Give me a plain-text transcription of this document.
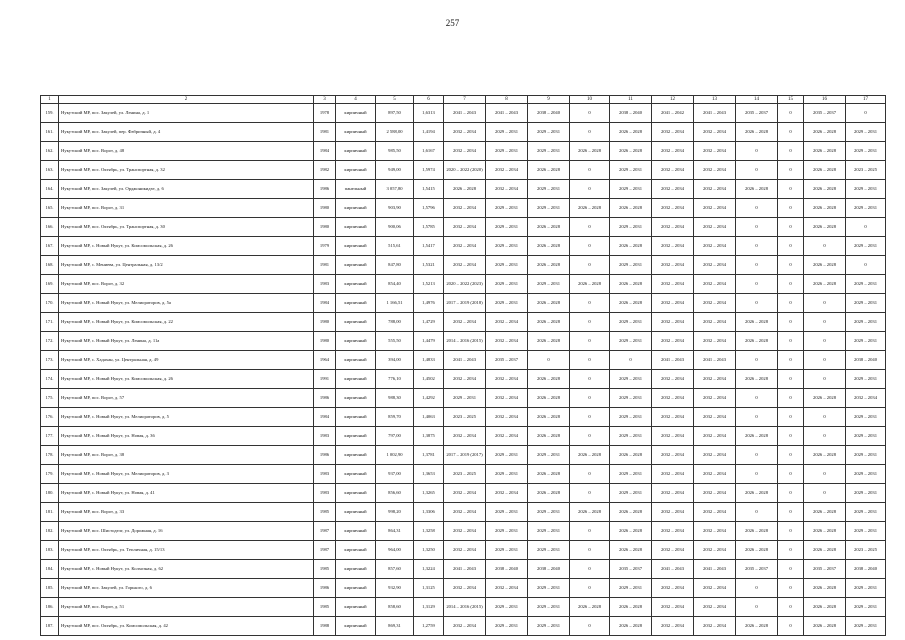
257
1	2	3	4	5	6	7	8	9	10	11	12	13	14	15	16	17
159.	Нукутский МР, пос. Закулей, ул. Ленина, д. 1	1978	кирпичный	897,50	1,6313	2041 – 2043	2041 – 2043	2038 – 2040	0	2038 – 2040	2041 – 2042	2041 – 2043	2035 – 2037	0	2035 – 2037	0
161.	Нукутский МР, пос. Закулей, пер. Фабричный, д. 4	1981	кирпичный	2 588,00	1,4194	2032 – 2034	2029 – 2031	2029 – 2031	0	2026 – 2028	2032 – 2034	2032 – 2034	2026 – 2028	0	2026 – 2028	2029 – 2031
162.	Нукутский МР, пос. Ворот, д. 48	1984	кирпичный	985,50	1,6167	2032 – 2034	2029 – 2031	2029 – 2031	2026 – 2028	2026 – 2028	2032 – 2034	2032 – 2034	0	0	2026 – 2028	2029 – 2031
163.	Нукутский МР, пос. Октябрь, ул. Транспортная, д. 32	1982	кирпичный	949,00	1,5974	2020 – 2022 (2020)	2032 – 2034	2026 – 2028	0	2029 – 2031	2032 – 2034	2032 – 2034	0	0	2026 – 2028	2023 – 2025
164.	Нукутский МР, пос. Закулей, ул. Орджоникидзе, д. 6	1986	панельный	3 057,80	1,5415	2026 – 2028	2032 – 2034	2029 – 2031	0	2029 – 2031	2032 – 2034	2032 – 2034	2026 – 2028	0	2026 – 2028	2029 – 2031
165.	Нукутский МР, пос. Ворот, д. 31	1980	кирпичный	903,90	1,5796	2032 – 2034	2029 – 2031	2029 – 2031	2026 – 2028	2026 – 2028	2032 – 2034	2032 – 2034	0	0	2026 – 2028	2029 – 2031
166.	Нукутский МР, пос. Октябрь, ул. Транспортная, д. 30	1980	кирпичный	900,06	1,5785	2032 – 2034	2029 – 2031	2026 – 2028	0	2029 – 2031	2032 – 2034	2032 – 2034	0	0	2026 – 2028	0
167.	Нукутский МР, с. Новый Нукут, ул. Комсомольская, д. 26	1979	кирпичный	515,61	1,5417	2032 – 2034	2029 – 2031	2026 – 2028	0	2026 – 2028	2032 – 2034	2032 – 2034	0	0	0	2029 – 2031
168.	Нукутский МР, с. Мениева, ул. Центральная, д. 13/2	1981	кирпичный	847,80	1,5321	2032 – 2034	2029 – 2031	2026 – 2028	0	2029 – 2031	2032 – 2034	2032 – 2034	0	0	2026 – 2028	0
169.	Нукутский МР, пос. Ворот, д. 32	1983	кирпичный	854,40	1,5213	2020 – 2022 (2023)	2029 – 2031	2029 – 2031	2026 – 2028	2026 – 2028	2032 – 2034	2032 – 2034	0	0	2026 – 2028	2029 – 2031
170.	Нукутский МР, с. Новый Нукут, ул. Мелиораторов, д. 5а	1984	кирпичный	1 166,51	1,4976	2017 – 2019 (2018)	2029 – 2031	2026 – 2028	0	2026 – 2028	2032 – 2034	2032 – 2034	0	0	0	2029 – 2031
171.	Нукутский МР, с. Новый Нукут, ул. Комсомольская, д. 22	1980	кирпичный	788,00	1,4729	2032 – 2034	2032 – 2034	2026 – 2028	0	2029 – 2031	2032 – 2034	2032 – 2034	2026 – 2028	0	0	2029 – 2031
172.	Нукутский МР, с. Новый Нукут, ул. Ленина, д. 11а	1980	кирпичный	555,50	1,4479	2014 – 2016 (2015)	2032 – 2034	2026 – 2028	0	2029 – 2031	2032 – 2034	2032 – 2034	2026 – 2028	0	0	2029 – 2031
173.	Нукутский МР, с. Хадахан, ул. Центральная, д. 49	1964	кирпичный	394,00	1,4833	2041 – 2043	2035 – 2037	0	0	0	2041 – 2043	2041 – 2043	0	0	0	2038 – 2040
174.	Нукутский МР, с. Новый Нукут, ул. Комсомольская, д. 26	1991	кирпичный	776,10	1,4502	2032 – 2034	2032 – 2034	2026 – 2028	0	2029 – 2031	2032 – 2034	2032 – 2034	2026 – 2028	0	0	2029 – 2031
175.	Нукутский МР, пос. Ворот, д. 57	1986	кирпичный	988,30	1,4292	2029 – 2031	2032 – 2034	2026 – 2028	0	2029 – 2031	2032 – 2034	2032 – 2034	0	0	2026 – 2028	2032 – 2034
176.	Нукутский МР, с. Новый Нукут, ул. Мелиораторов, д. 5	1984	кирпичный	859,70	1,4063	2023 – 2025	2032 – 2034	2026 – 2028	0	2029 – 2031	2032 – 2034	2032 – 2034	0	0	0	2029 – 2031
177.	Нукутский МР, с. Новый Нукут, ул. Новая, д. 36	1983	кирпичный	797,00	1,3875	2032 – 2034	2032 – 2034	2026 – 2028	0	2029 – 2031	2032 – 2034	2032 – 2034	2026 – 2028	0	0	2029 – 2031
178.	Нукутский МР, пос. Ворот, д. 38	1986	кирпичный	1 002,90	1,3781	2017 – 2019 (2017)	2029 – 2031	2029 – 2031	2026 – 2028	2026 – 2028	2032 – 2034	2032 – 2034	0	0	2026 – 2028	2029 – 2031
179.	Нукутский МР, с. Новый Нукут, ул. Мелиораторов, д. 3	1983	кирпичный	937,00	1,3653	2023 – 2025	2029 – 2031	2026 – 2028	0	2029 – 2031	2032 – 2034	2032 – 2034	0	0	0	2029 – 2031
180.	Нукутский МР, с. Новый Нукут, ул. Новая, д. 41	1983	кирпичный	856,60	1,3265	2032 – 2034	2032 – 2034	2026 – 2028	0	2029 – 2031	2032 – 2034	2032 – 2034	2026 – 2028	0	0	2029 – 2031
181.	Нукутский МР, пос. Ворот, д. 33	1985	кирпичный	998,20	1,3306	2032 – 2034	2029 – 2031	2029 – 2031	2026 – 2028	2026 – 2028	2032 – 2034	2032 – 2034	0	0	2026 – 2028	2029 – 2031
182.	Нукутский МР, пос. Шистоделг, ул. Дорожная, д. 16	1987	кирпичный	864,31	1,3258	2032 – 2034	2029 – 2031	2029 – 2031	0	2026 – 2028	2032 – 2034	2032 – 2034	2026 – 2028	0	2026 – 2028	2029 – 2031
183.	Нукутский МР, пос. Октябрь, ул. Тепличная, д. 15/13	1987	кирпичный	964,00	1,3250	2032 – 2034	2029 – 2031	2029 – 2031	0	2026 – 2028	2032 – 2034	2032 – 2034	2026 – 2028	0	2026 – 2028	2023 – 2025
184.	Нукутский МР, с. Новый Нукут, ул. Колхозная, д. 62	1985	кирпичный	857,60	1,3224	2041 – 2043	2038 – 2040	2038 – 2040	0	2035 – 2037	2041 – 2043	2041 – 2043	2035 – 2037	0	2035 – 2037	2038 – 2040
185.	Нукутский МР, пос. Закулей, ул. Горького, д. 6	1986	кирпичный	932,90	1,3125	2032 – 2034	2032 – 2034	2029 – 2031	0	2029 – 2031	2032 – 2034	2032 – 2034	0	0	2026 – 2028	2029 – 2031
186.	Нукутский МР, пос. Ворот, д. 51	1985	кирпичный	858,60	1,3129	2014 – 2016 (2015)	2029 – 2031	2029 – 2031	2026 – 2028	2026 – 2028	2032 – 2034	2032 – 2034	0	0	2026 – 2028	2029 – 2031
187.	Нукутский МР, пос. Октябрь, ул. Комсомольская, д. 42	1988	кирпичный	869,31	1,2759	2032 – 2034	2029 – 2031	2029 – 2031	0	2026 – 2028	2032 – 2034	2032 – 2034	2026 – 2028	0	2026 – 2028	2029 – 2031
